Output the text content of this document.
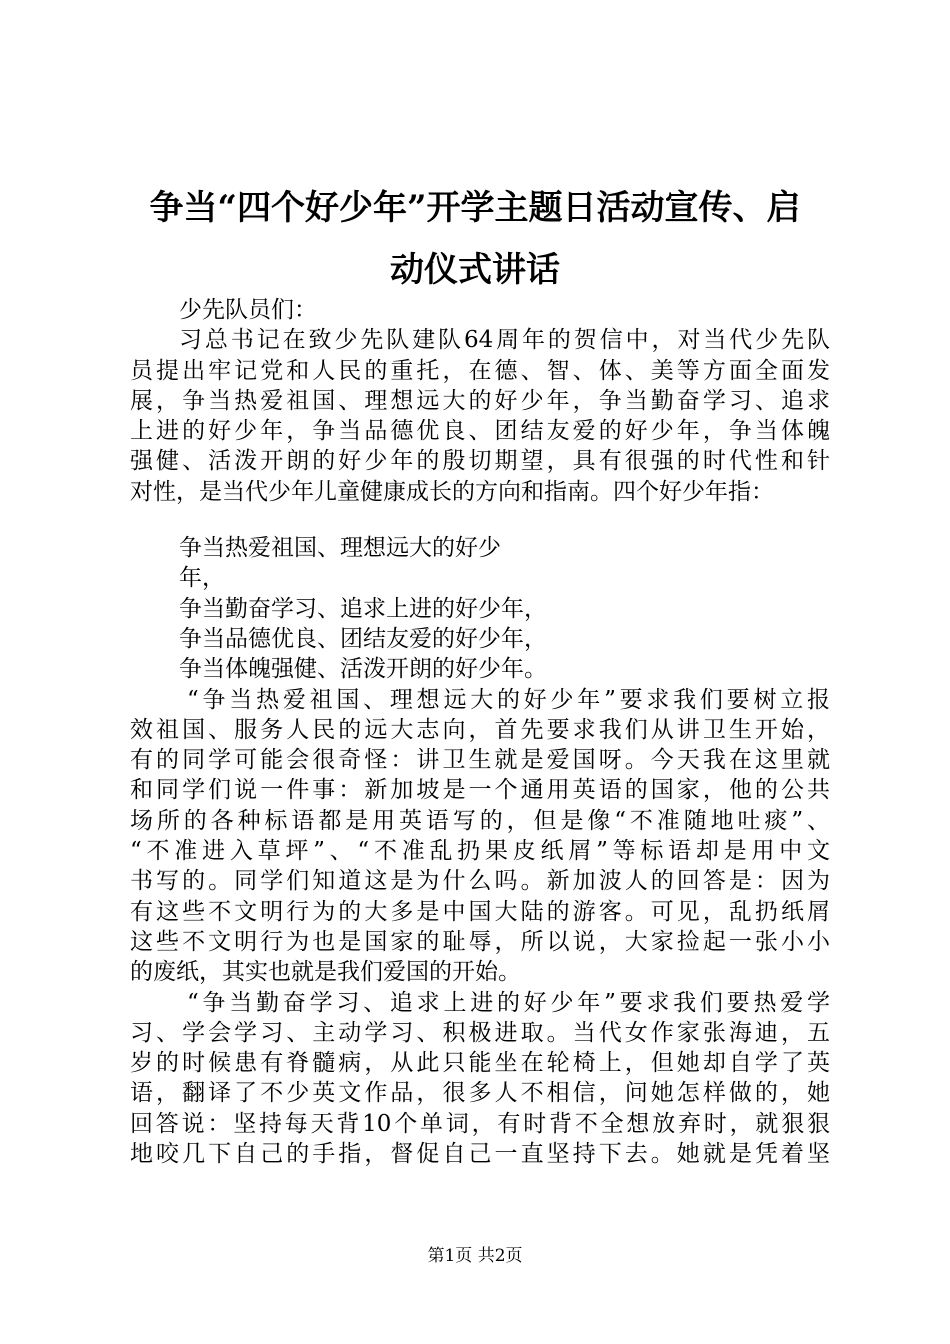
争当“四个好少年”开学主题日活动宣传、启
动仪式讲话
少先队员们：
习总书记在致少先队建队64周年的贺信中，对当代少先队
员提出牢记党和人民的重托，在德、智、体、美等方面全面发
展，争当热爱祖国、理想远大的好少年，争当勤奋学习、追求
上进的好少年，争当品德优良、团结友爱的好少年，争当体魄
强健、活泼开朗的好少年的殷切期望，具有很强的时代性和针
对性，是当代少年儿童健康成长的方向和指南。四个好少年指：
争当热爱祖国、理想远大的好少
年，
争当勤奋学习、追求上进的好少年，
争当品德优良、团结友爱的好少年，
争当体魄强健、活泼开朗的好少年。
“争当热爱祖国、理想远大的好少年”要求我们要树立报
效祖国、服务人民的远大志向，首先要求我们从讲卫生开始，
有的同学可能会很奇怪：讲卫生就是爱国呀。今天我在这里就
和同学们说一件事：新加坡是一个通用英语的国家，他的公共
场所的各种标语都是用英语写的，但是像“不准随地吐痰”、
“不准进入草坪”、“不准乱扔果皮纸屑”等标语却是用中文
书写的。同学们知道这是为什么吗。新加波人的回答是：因为
有这些不文明行为的大多是中国大陆的游客。可见，乱扔纸屑
这些不文明行为也是国家的耻辱，所以说，大家捡起一张小小
的废纸，其实也就是我们爱国的开始。
“争当勤奋学习、追求上进的好少年”要求我们要热爱学
习、学会学习、主动学习、积极进取。当代女作家张海迪，五
岁的时候患有脊髓病，从此只能坐在轮椅上，但她却自学了英
语，翻译了不少英文作品，很多人不相信，问她怎样做的，她
回答说：坚持每天背10个单词，有时背不全想放弃时，就狠狠
地咬几下自己的手指，督促自己一直坚持下去。她就是凭着坚
第1页 共2页
